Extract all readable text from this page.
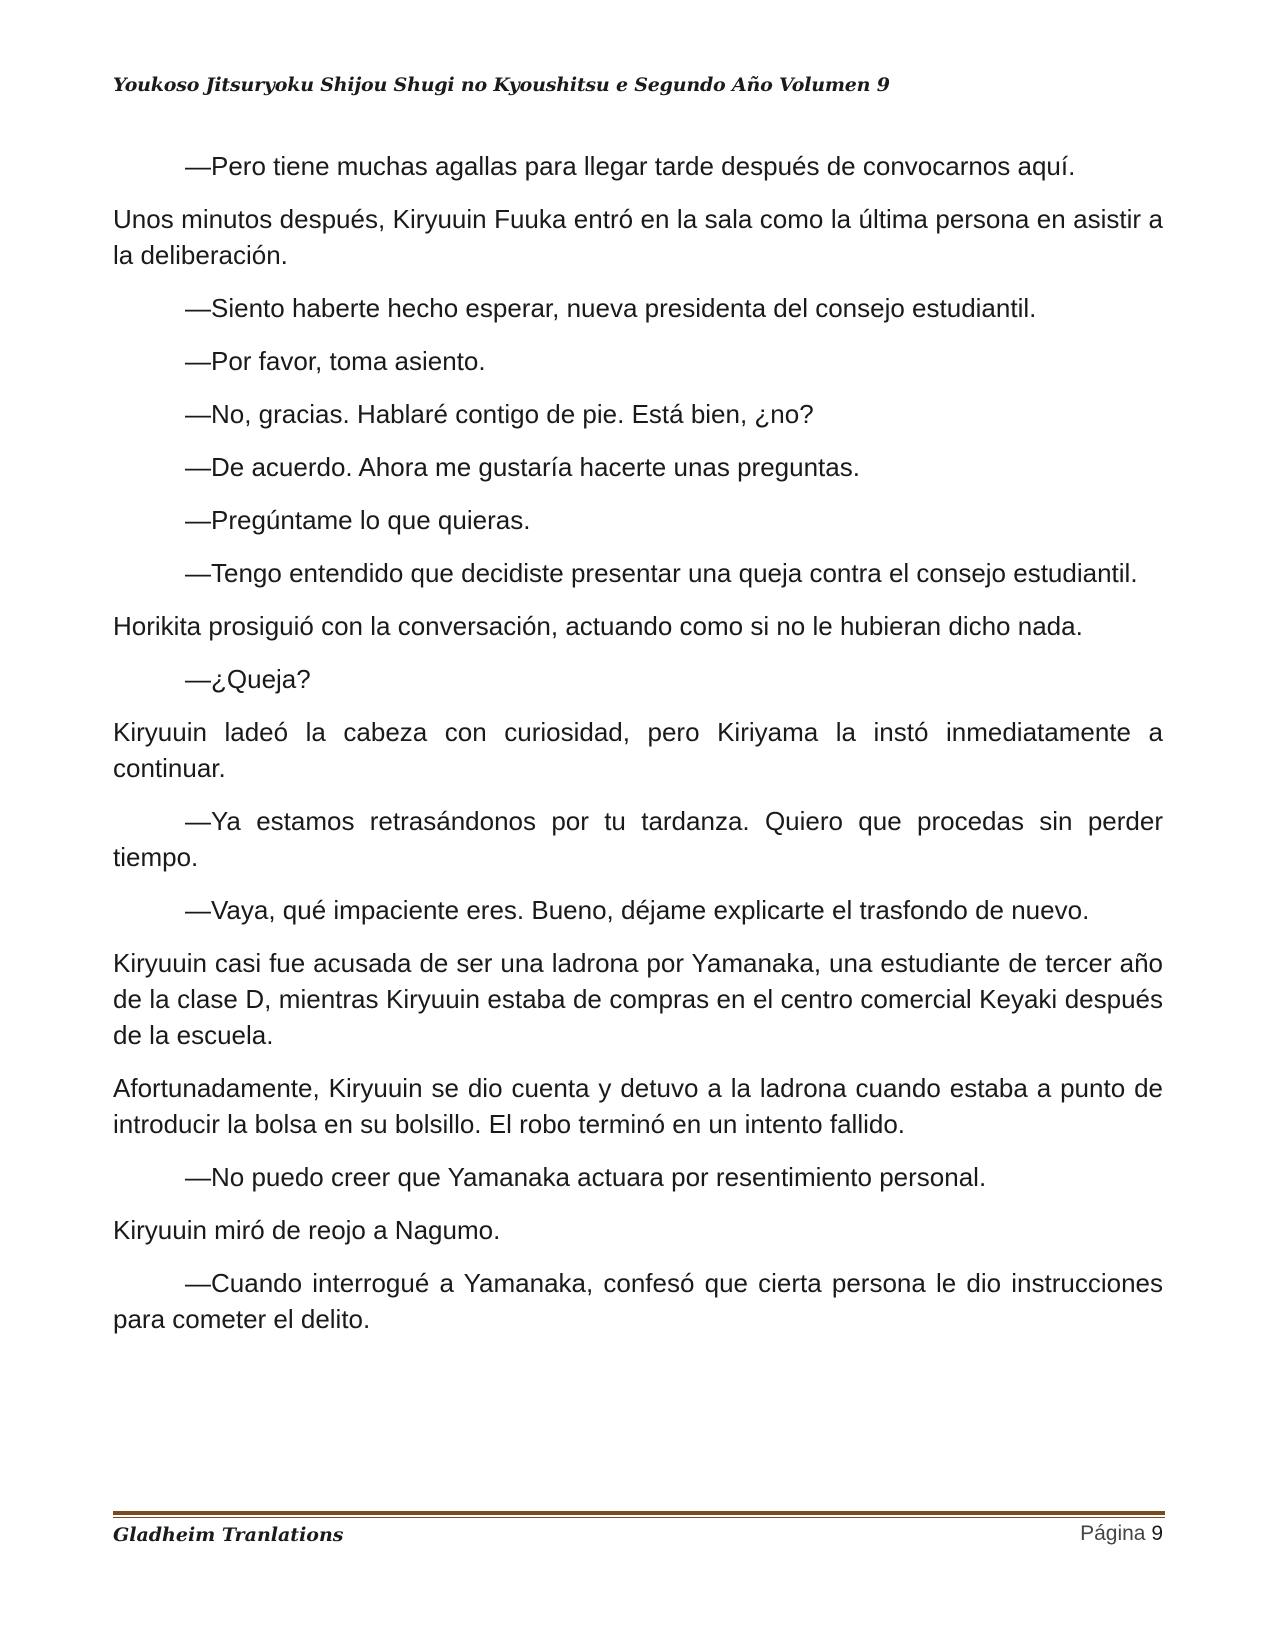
Youkoso Jitsuryoku Shijou Shugi no Kyoushitsu e Segundo Año Volumen 9

—Pero tiene muchas agallas para llegar tarde después de convocarnos aquí.

Unos minutos después, Kiryuuin Fuuka entró en la sala como la última persona en asistir a la deliberación.

—Siento haberte hecho esperar, nueva presidenta del consejo estudiantil.

—Por favor, toma asiento.

—No, gracias. Hablaré contigo de pie. Está bien, ¿no?

—De acuerdo. Ahora me gustaría hacerte unas preguntas.

—Pregúntame lo que quieras.

—Tengo entendido que decidiste presentar una queja contra el consejo estudiantil.

Horikita prosiguió con la conversación, actuando como si no le hubieran dicho nada.

—¿Queja?

Kiryuuin ladeó la cabeza con curiosidad, pero Kiriyama la instó inmediatamente a continuar.

—Ya estamos retrasándonos por tu tardanza. Quiero que procedas sin perder tiempo.

—Vaya, qué impaciente eres. Bueno, déjame explicarte el trasfondo de nuevo.

Kiryuuin casi fue acusada de ser una ladrona por Yamanaka, una estudiante de tercer año de la clase D, mientras Kiryuuin estaba de compras en el centro comercial Keyaki después de la escuela.

Afortunadamente, Kiryuuin se dio cuenta y detuvo a la ladrona cuando estaba a punto de introducir la bolsa en su bolsillo. El robo terminó en un intento fallido.

—No puedo creer que Yamanaka actuara por resentimiento personal.

Kiryuuin miró de reojo a Nagumo.

—Cuando interrogué a Yamanaka, confesó que cierta persona le dio instrucciones para cometer el delito.

Gladheim Tranlations	Página 9
